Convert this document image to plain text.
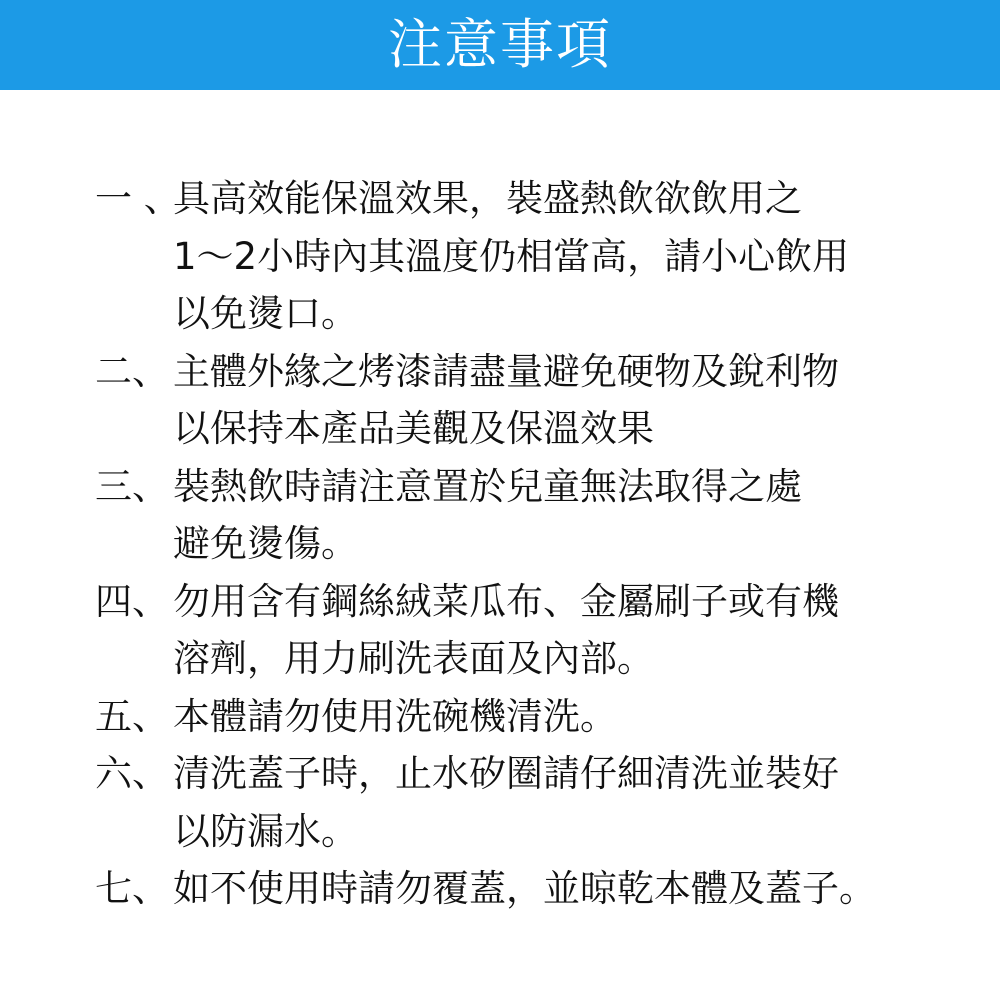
注意事項
一 、
具高效能保溫效果，裝盛熱飲欲飲用之
1～2小時內其溫度仍相當高，請小心飲用
以免燙口。
二、 主體外緣之烤漆請盡量避免硬物及銳利物
以保持本產品美觀及保溫效果
三、 裝熱飲時請注意置於兒童無法取得之處
避免燙傷。
四、 勿用含有鋼絲絨菜瓜布、金屬刷子或有機
溶劑，用力刷洗表面及內部。
五、 本體請勿使用洗碗機清洗。
六、 清洗蓋子時，止水矽圈請仔細清洗並裝好
以防漏水。
七、 如不使用時請勿覆蓋，並晾乾本體及蓋子。
